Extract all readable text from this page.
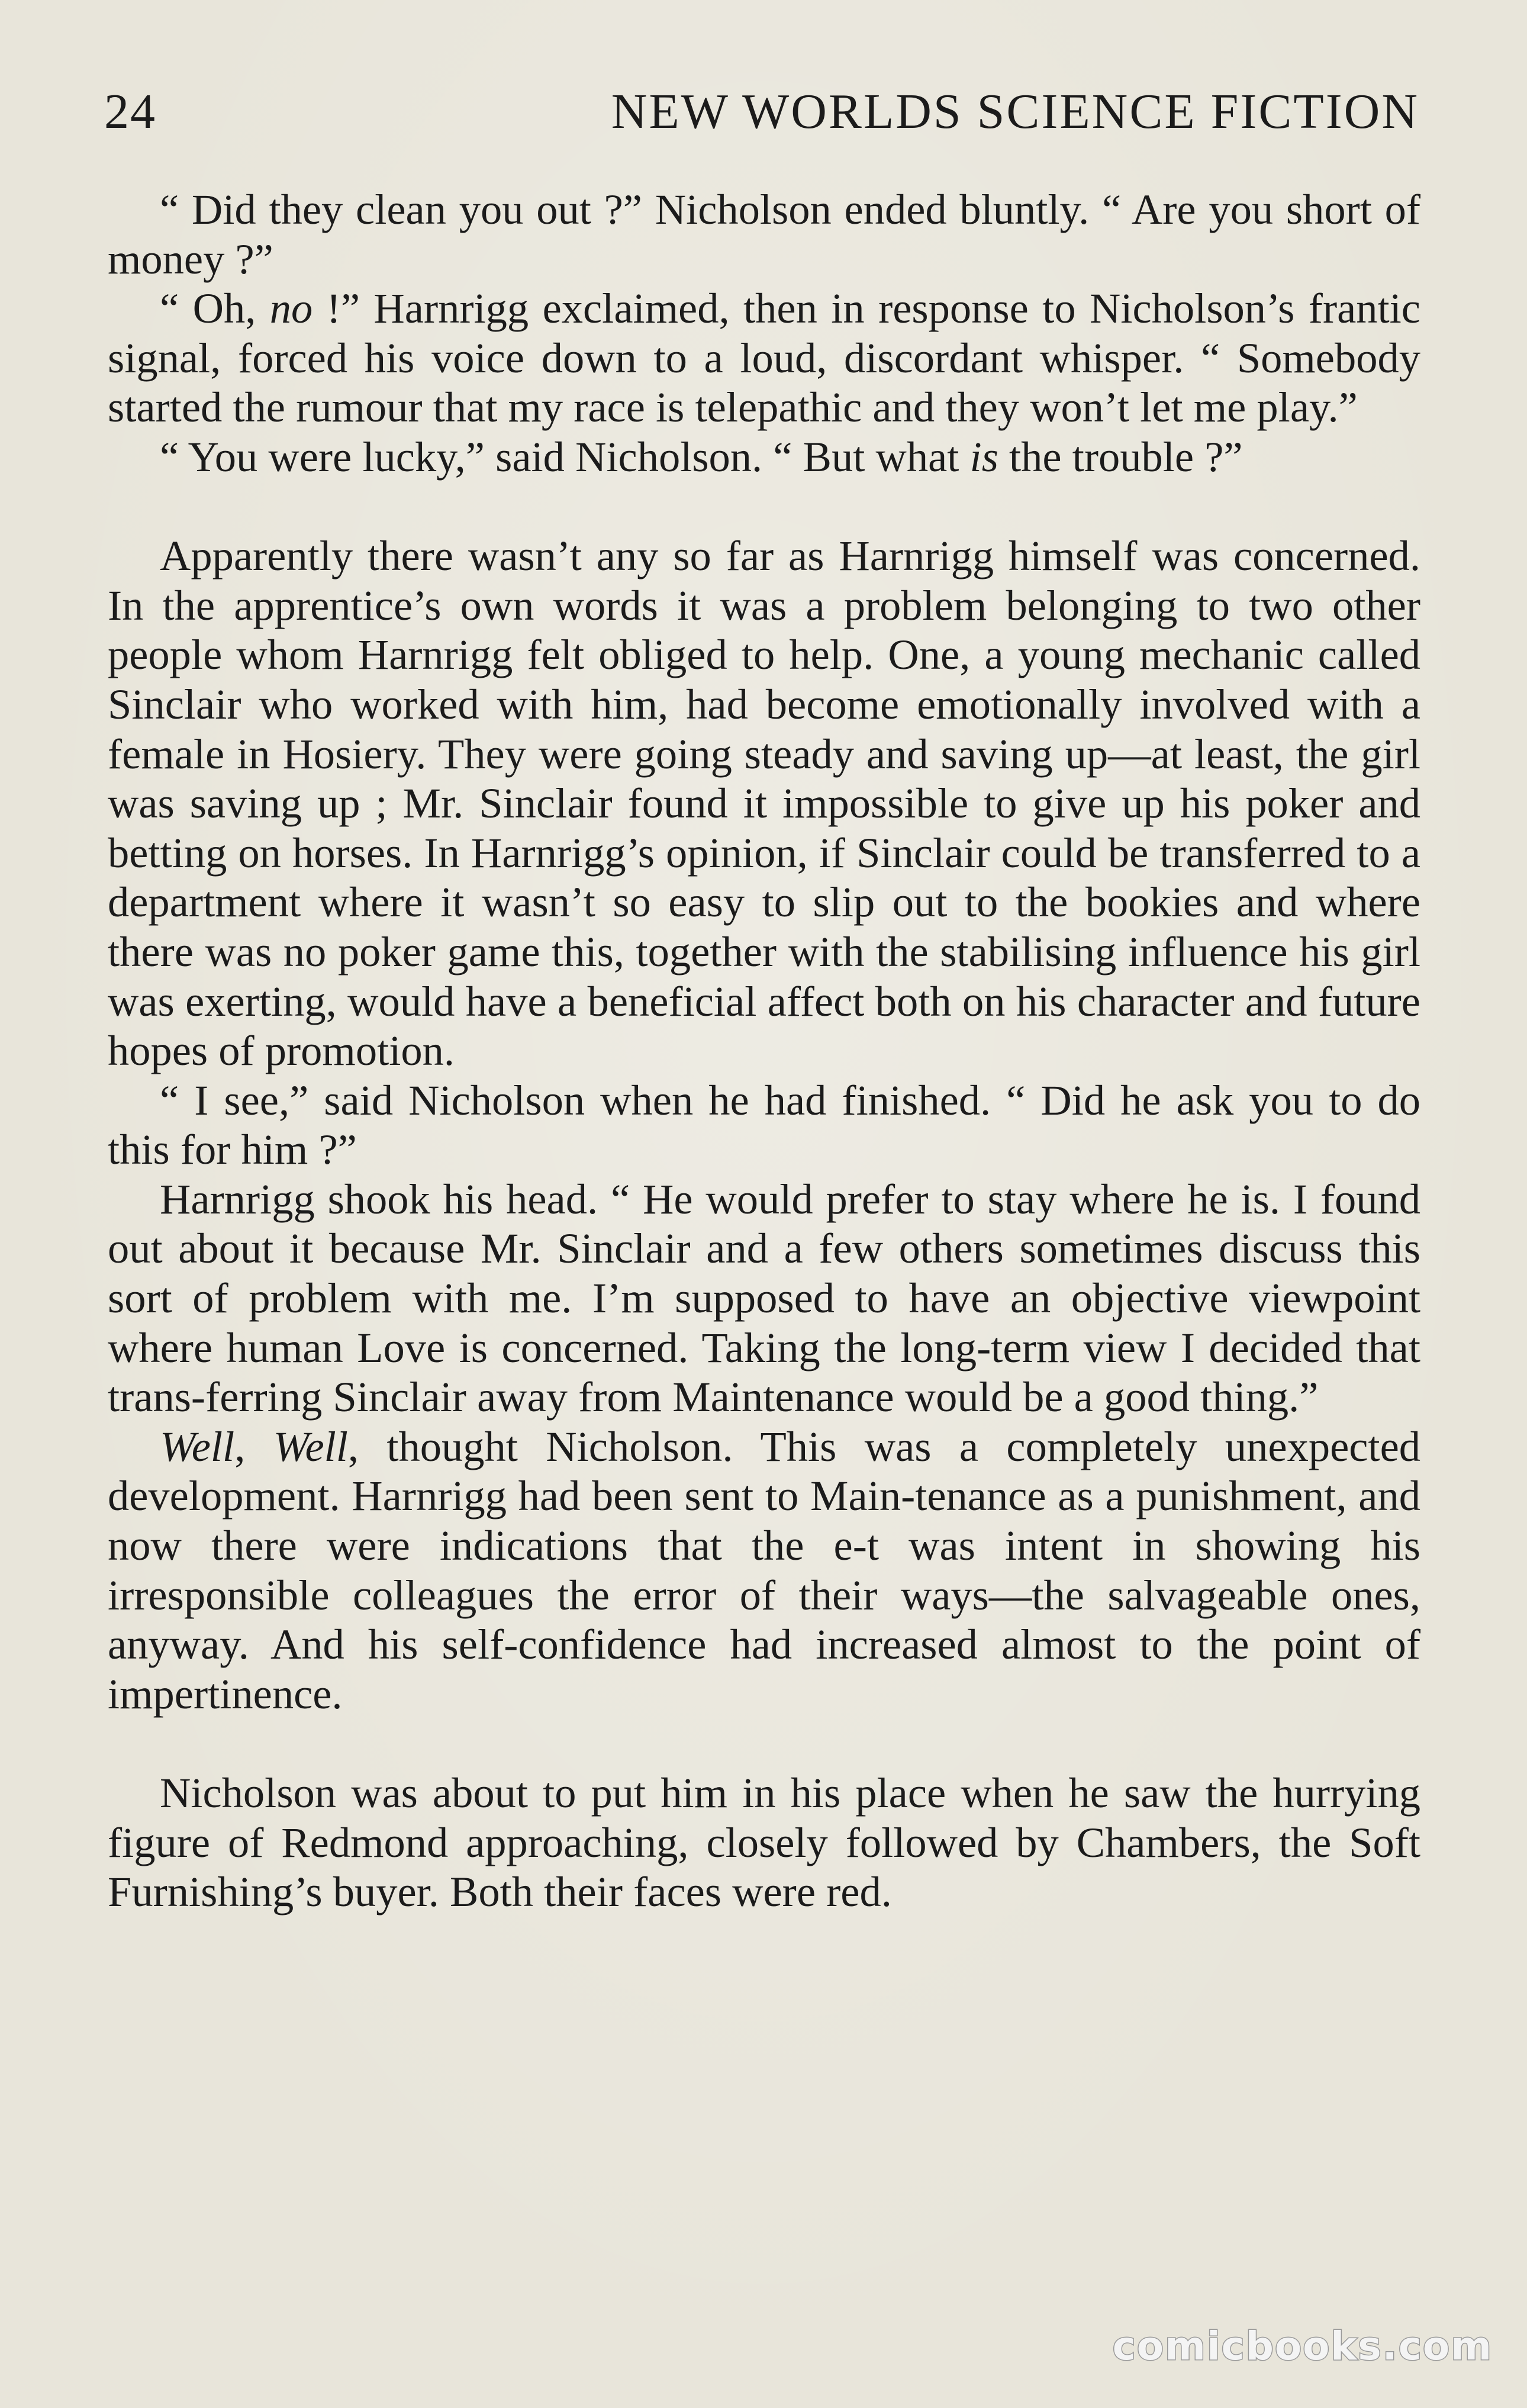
24	NEW WORLDS SCIENCE FICTION

“ Did they clean you out ?” Nicholson ended bluntly. “ Are you short of money ?”

“ Oh, no !” Harnrigg exclaimed, then in response to Nicholson’s frantic signal, forced his voice down to a loud, discordant whisper. “ Somebody started the rumour that my race is telepathic and they won’t let me play.”

“ You were lucky,” said Nicholson. “ But what is the trouble ?”

Apparently there wasn’t any so far as Harnrigg himself was concerned. In the apprentice’s own words it was a problem belonging to two other people whom Harnrigg felt obliged to help. One, a young mechanic called Sinclair who worked with him, had become emotionally involved with a female in Hosiery. They were going steady and saving up—at least, the girl was saving up ; Mr. Sinclair found it impossible to give up his poker and betting on horses. In Harnrigg’s opinion, if Sinclair could be transferred to a department where it wasn’t so easy to slip out to the bookies and where there was no poker game this, together with the stabilising influence his girl was exerting, would have a beneficial affect both on his character and future hopes of promotion.

“ I see,” said Nicholson when he had finished. “ Did he ask you to do this for him ?”

Harnrigg shook his head. “ He would prefer to stay where he is. I found out about it because Mr. Sinclair and a few others sometimes discuss this sort of problem with me. I’m supposed to have an objective viewpoint where human Love is concerned. Taking the long-term view I decided that trans-ferring Sinclair away from Maintenance would be a good thing.”

Well, Well, thought Nicholson. This was a completely unexpected development. Harnrigg had been sent to Main-tenance as a punishment, and now there were indications that the e-t was intent in showing his irresponsible colleagues the error of their ways—the salvageable ones, anyway. And his self-confidence had increased almost to the point of impertinence.

Nicholson was about to put him in his place when he saw the hurrying figure of Redmond approaching, closely followed by Chambers, the Soft Furnishing’s buyer. Both their faces were red.

comicbooks.com
